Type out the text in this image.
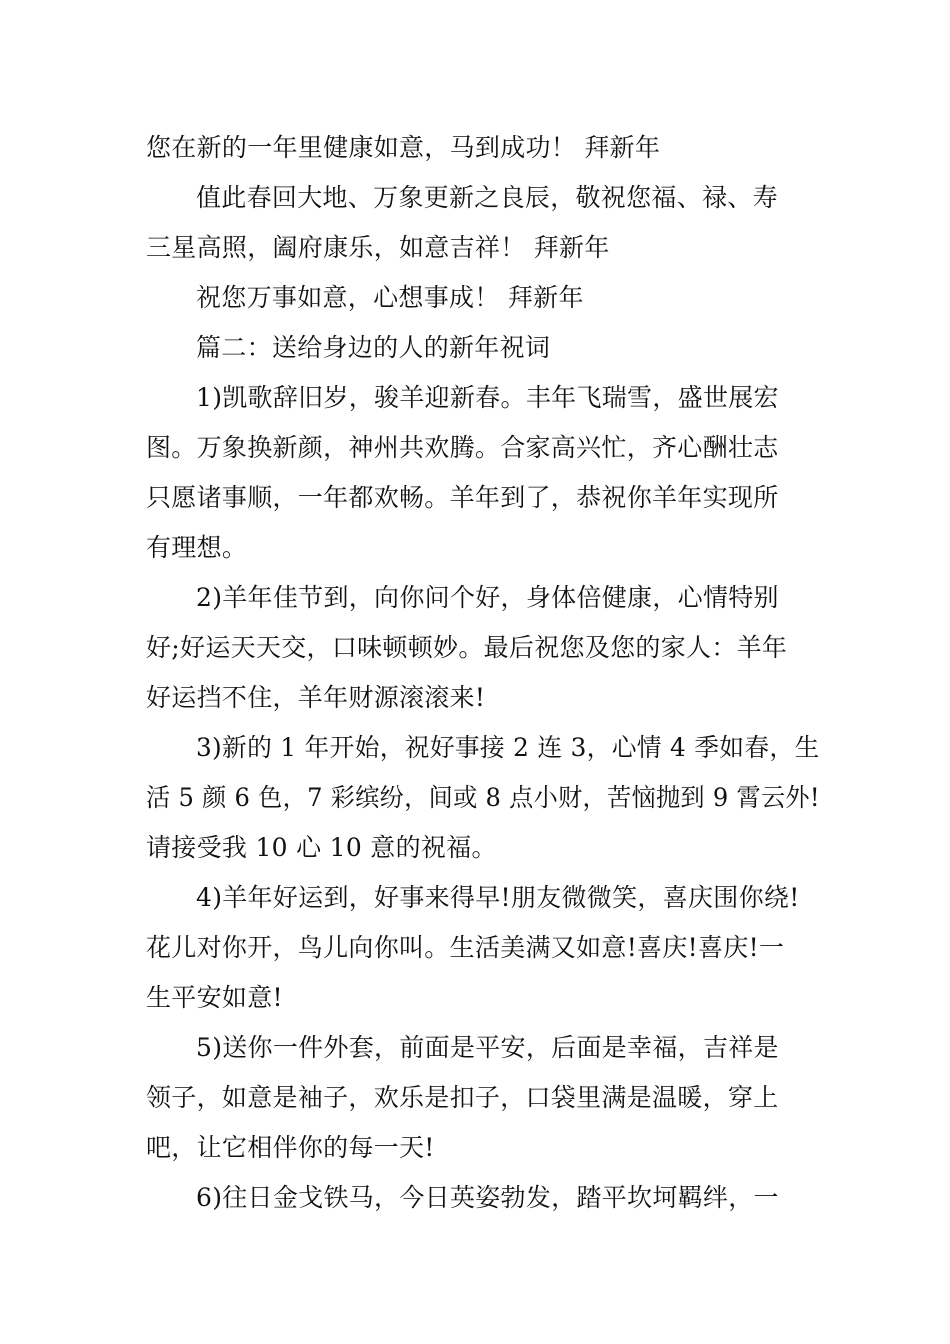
您在新的一年里健康如意，马到成功！ 拜新年
值此春回大地、万象更新之良辰，敬祝您福、禄、寿
三星高照，阖府康乐，如意吉祥！ 拜新年
祝您万事如意，心想事成！ 拜新年
篇二：送给身边的人的新年祝词
1)凯歌辞旧岁，骏羊迎新春。丰年飞瑞雪，盛世展宏
图。万象换新颜，神州共欢腾。合家高兴忙，齐心酬壮志
只愿诸事顺，一年都欢畅。羊年到了，恭祝你羊年实现所
有理想。
2)羊年佳节到，向你问个好，身体倍健康，心情特别
好;好运天天交，口味顿顿妙。最后祝您及您的家人：羊年
好运挡不住，羊年财源滚滚来!
3)新的 1 年开始，祝好事接 2 连 3，心情 4 季如春，生
活 5 颜 6 色，7 彩缤纷，间或 8 点小财，苦恼抛到 9 霄云外!
请接受我 10 心 10 意的祝福。
4)羊年好运到，好事来得早!朋友微微笑，喜庆围你绕!
花儿对你开，鸟儿向你叫。生活美满又如意!喜庆!喜庆!一
生平安如意!
5)送你一件外套，前面是平安，后面是幸福，吉祥是
领子，如意是袖子，欢乐是扣子，口袋里满是温暖，穿上
吧，让它相伴你的每一天!
6)往日金戈铁马，今日英姿勃发，踏平坎坷羁绊，一
